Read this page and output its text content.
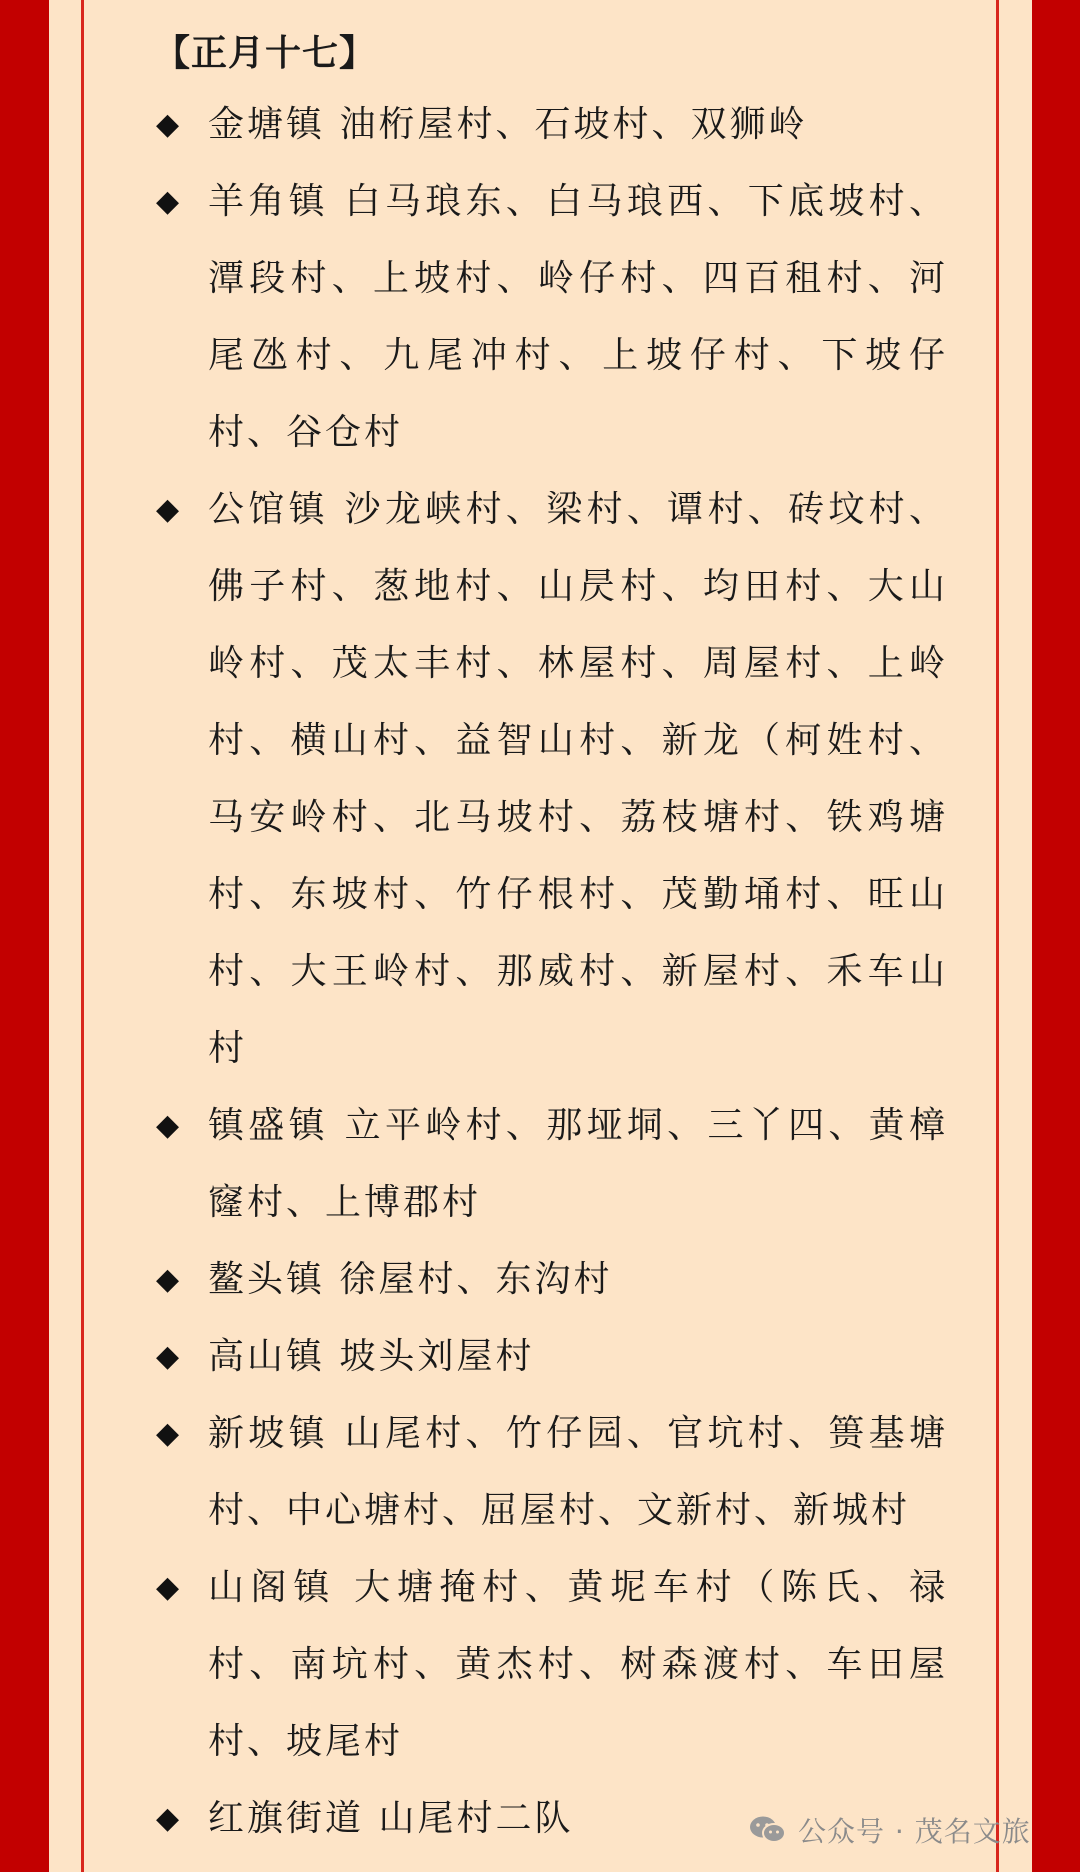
【正月十七】
◆ 金塘镇 油桁屋村、石坡村、双狮岭
◆ 羊角镇 白马琅东、白马琅西、下底坡村、潭段村、上坡村、岭仔村、四百租村、河尾氹村、九尾冲村、上坡仔村、下坡仔村、谷仓村
◆ 公馆镇 沙龙峡村、梁村、谭村、砖坟村、佛子村、葱地村、山昃村、均田村、大山岭村、茂太丰村、林屋村、周屋村、上岭村、横山村、益智山村、新龙（柯姓村、马安岭村、北马坡村、荔枝塘村、铁鸡塘村、东坡村、竹仔根村、茂勤埇村、旺山村、大王岭村、那威村、新屋村、禾车山村
◆ 镇盛镇 立平岭村、那垭垌、三丫四、黄樟窿村、上博郡村
◆ 鳌头镇 徐屋村、东沟村
◆ 高山镇 坡头刘屋村
◆ 新坡镇 山尾村、竹仔园、官坑村、篑基塘村、中心塘村、屈屋村、文新村、新城村
◆ 山阁镇 大塘掩村、黄坭车村（陈氏、禄村、南坑村、黄杰村、树森渡村、车田屋村、坡尾村
◆ 红旗街道 山尾村二队	公众号 · 茂名文旅
